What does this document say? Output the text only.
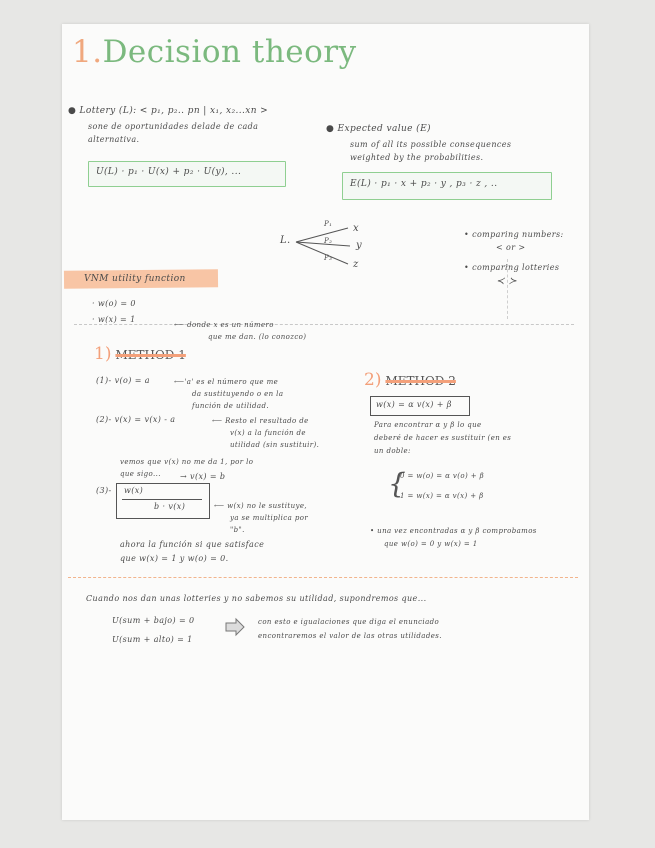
1.Decision theory
● Lottery (L): < p₁, p₂.. pn | x₁, x₂...xn >
sone de oportunidades delade de cada
alternativa.
U(L) · p₁ · U(x) + p₂ · U(y), ...
● Expected value (E)
sum of all its possible consequences
weighted by the probabilities.
E(L) · p₁ · x + p₂ · y , p₃ · z , ..
L.
P₁
P₂
P₃
x
y
z
• comparing numbers:
< or >
• comparing lotteries
≺ ≻
VNM utility function
· w(o) = 0
· w(x) = 1
⟵ donde x es un número
que me dan. (lo conozco)
1) METHOD 1
(1)- v(o) = a	⟵'a' es el número que me
da sustituyendo o en la
función de utilidad.
(2)- v(x) = v(x) - a	⟵ Resto el resultado de
v(x) a la función de
utilidad (sin sustituir).
vemos que v(x) no me da 1, por lo
que sigo... → v(x) = b
(3)- w(x)
b · v(x)	⟵ w(x) no le sustituye,
ya se multiplica por
"b".
ahora la función si que satisface
que w(x) = 1 y w(o) = 0.
2) METHOD 2
w(x) = α v(x) + β
Para encontrar α y β lo que
deberé de hacer es sustituir (en es
un doble:
{
0 = w(o) = α v(o) + β
1 = w(x) = α v(x) + β
• una vez encontradas α y β comprobamos
que w(o) = 0 y w(x) = 1
Cuando nos dan unas lotteries y no sabemos su utilidad, supondremos que...
U(sum + bajo) = 0
U(sum + alto) = 1
con esto e igualaciones que diga el enunciado
encontraremos el valor de las otras utilidades.
